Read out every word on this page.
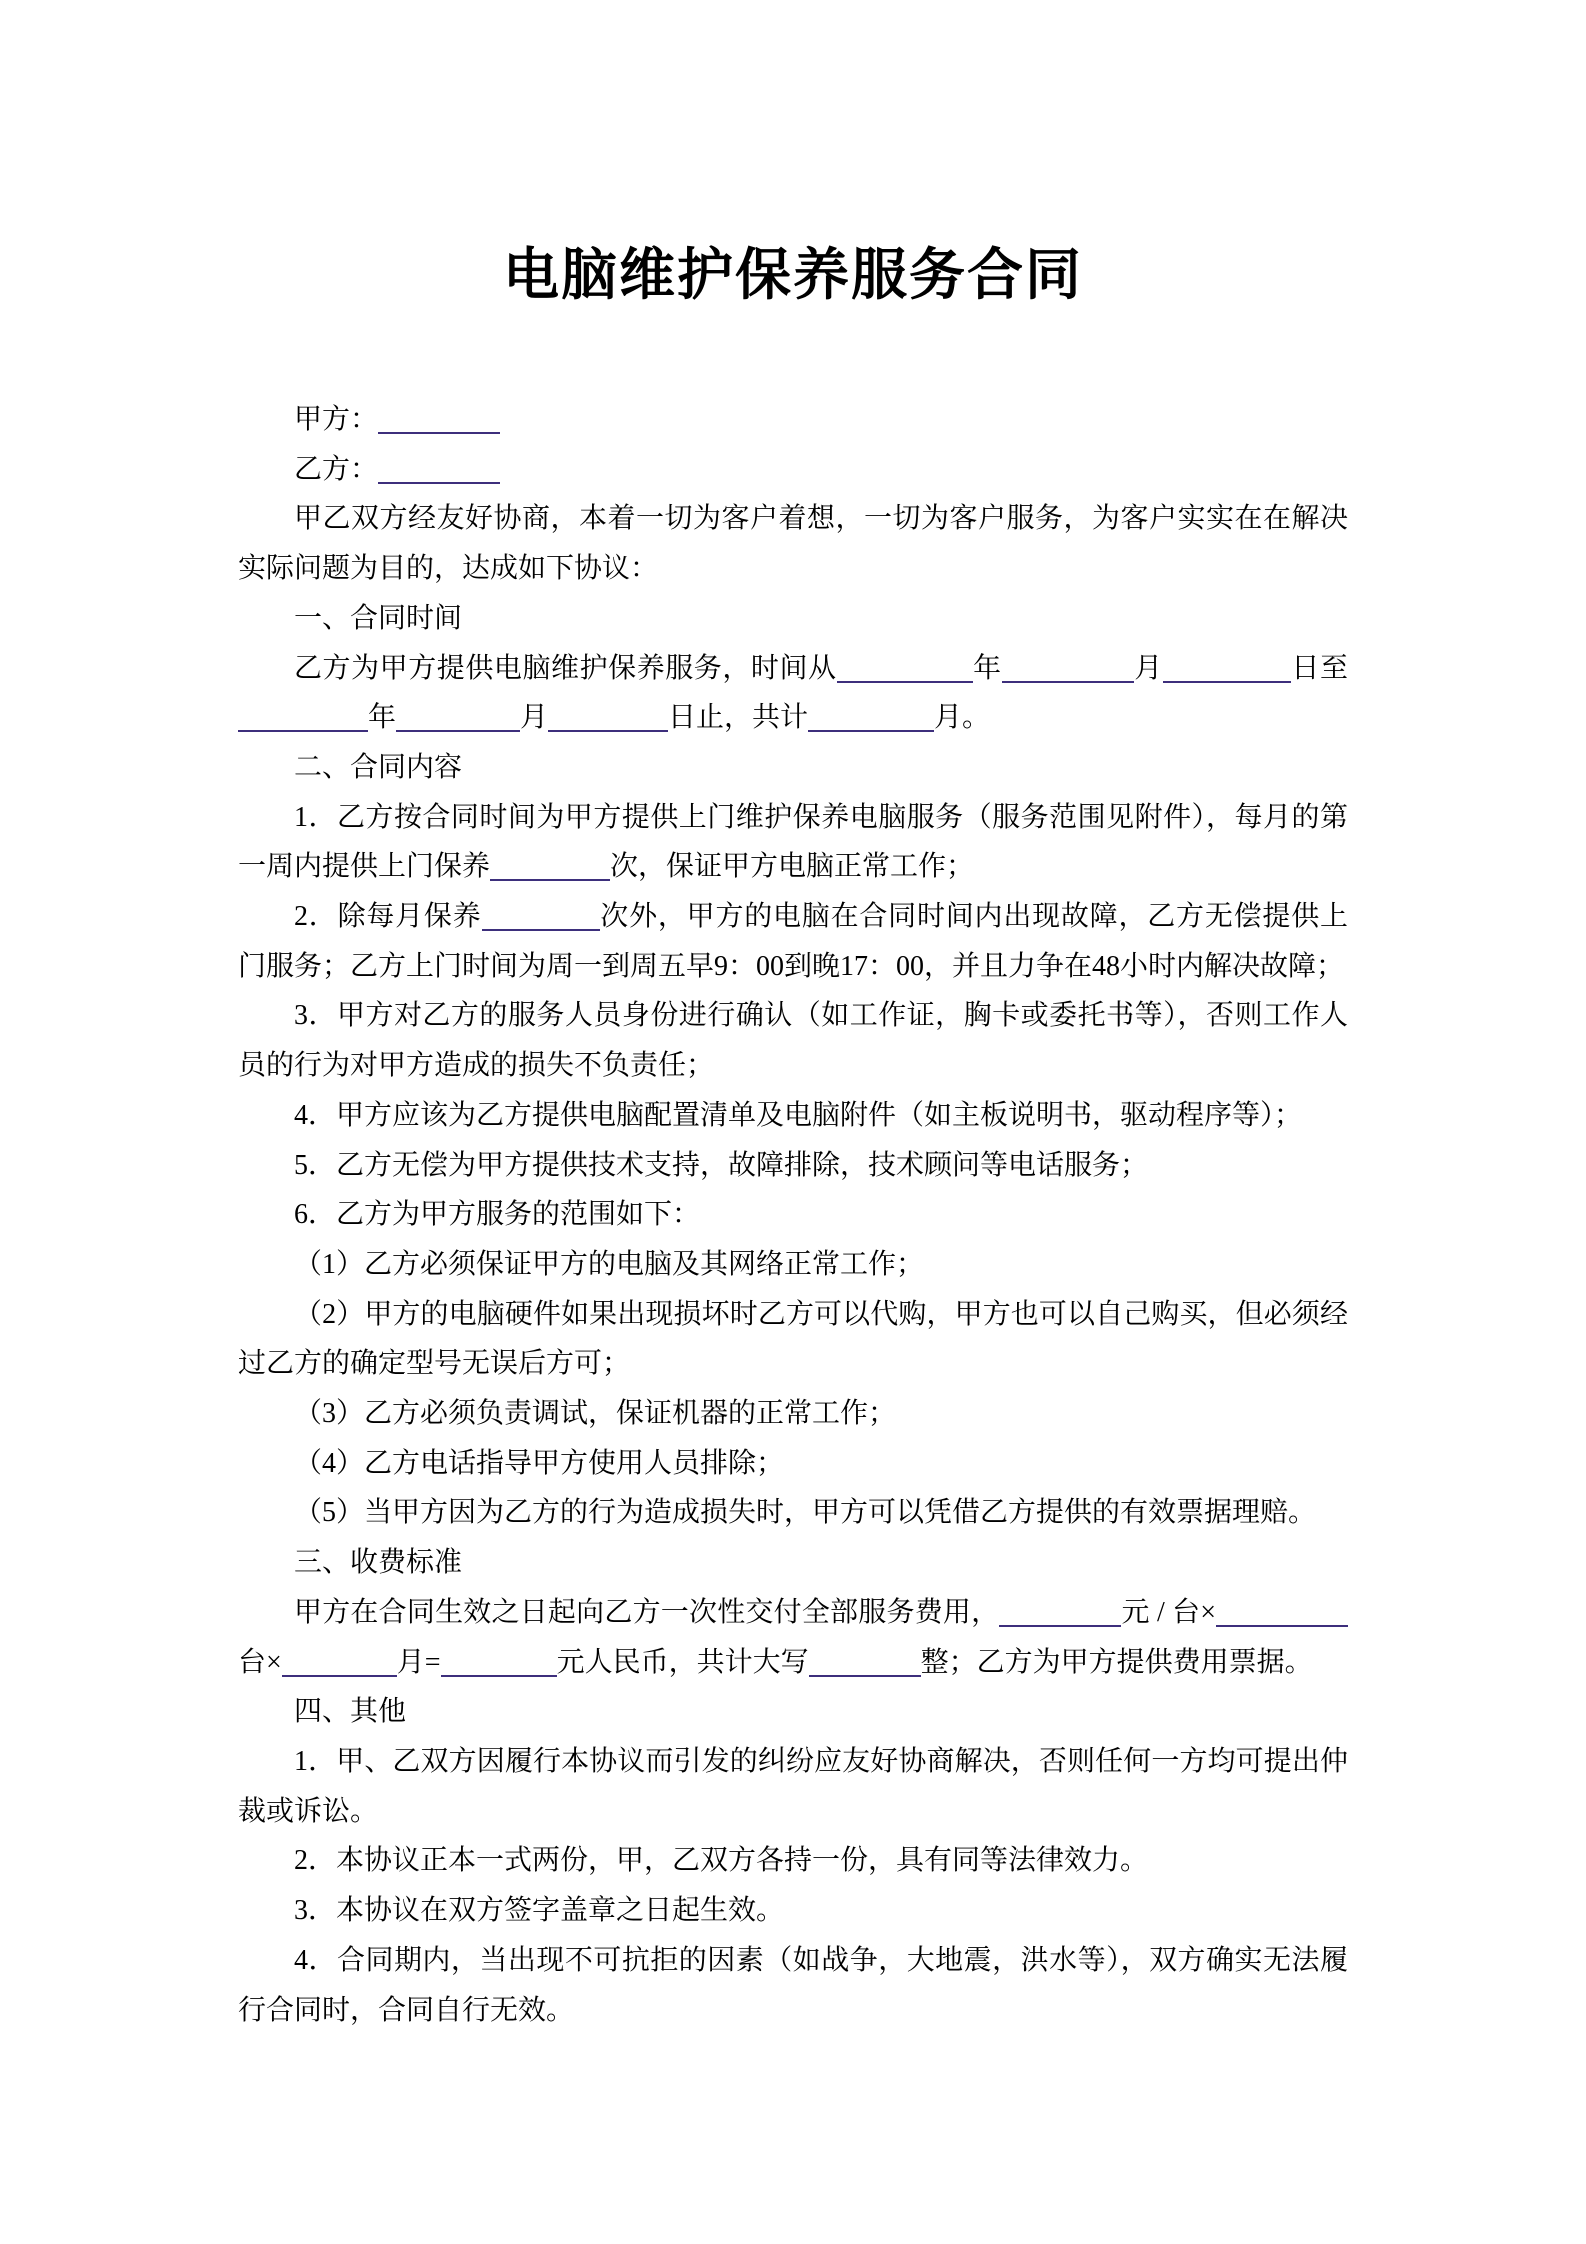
电脑维护保养服务合同

甲方：

乙方：

甲乙双方经友好协商，本着一切为客户着想，一切为客户服务，为客户实实在在解决实际问题为目的，达成如下协议：

一、合同时间

乙方为甲方提供电脑维护保养服务，时间从	年	月	日至年	月	日止，共计	月。

二、合同内容

1．乙方按合同时间为甲方提供上门维护保养电脑服务（服务范围见附件），每月的第一周内提供上门保养	次，保证甲方电脑正常工作；

2．除每月保养	次外，甲方的电脑在合同时间内出现故障，乙方无偿提供上门服务；乙方上门时间为周一到周五早9：00到晚17：00，并且力争在48小时内解决故障；

3．甲方对乙方的服务人员身份进行确认（如工作证，胸卡或委托书等），否则工作人员的行为对甲方造成的损失不负责任；

4．甲方应该为乙方提供电脑配置清单及电脑附件（如主板说明书，驱动程序等）；

5．乙方无偿为甲方提供技术支持，故障排除，技术顾问等电话服务；

6．乙方为甲方服务的范围如下：

（1）乙方必须保证甲方的电脑及其网络正常工作；

（2）甲方的电脑硬件如果出现损坏时乙方可以代购，甲方也可以自己购买，但必须经过乙方的确定型号无误后方可；

（3）乙方必须负责调试，保证机器的正常工作；

（4）乙方电话指导甲方使用人员排除；

（5）当甲方因为乙方的行为造成损失时，甲方可以凭借乙方提供的有效票据理赔。

三、收费标准

甲方在合同生效之日起向乙方一次性交付全部服务费用，	元 / 台×台×	月=	元人民币，共计大写	整；乙方为甲方提供费用票据。

四、其他

1．甲、乙双方因履行本协议而引发的纠纷应友好协商解决，否则任何一方均可提出仲裁或诉讼。

2．本协议正本一式两份，甲，乙双方各持一份，具有同等法律效力。

3．本协议在双方签字盖章之日起生效。

4．合同期内，当出现不可抗拒的因素（如战争，大地震，洪水等），双方确实无法履行合同时，合同自行无效。
